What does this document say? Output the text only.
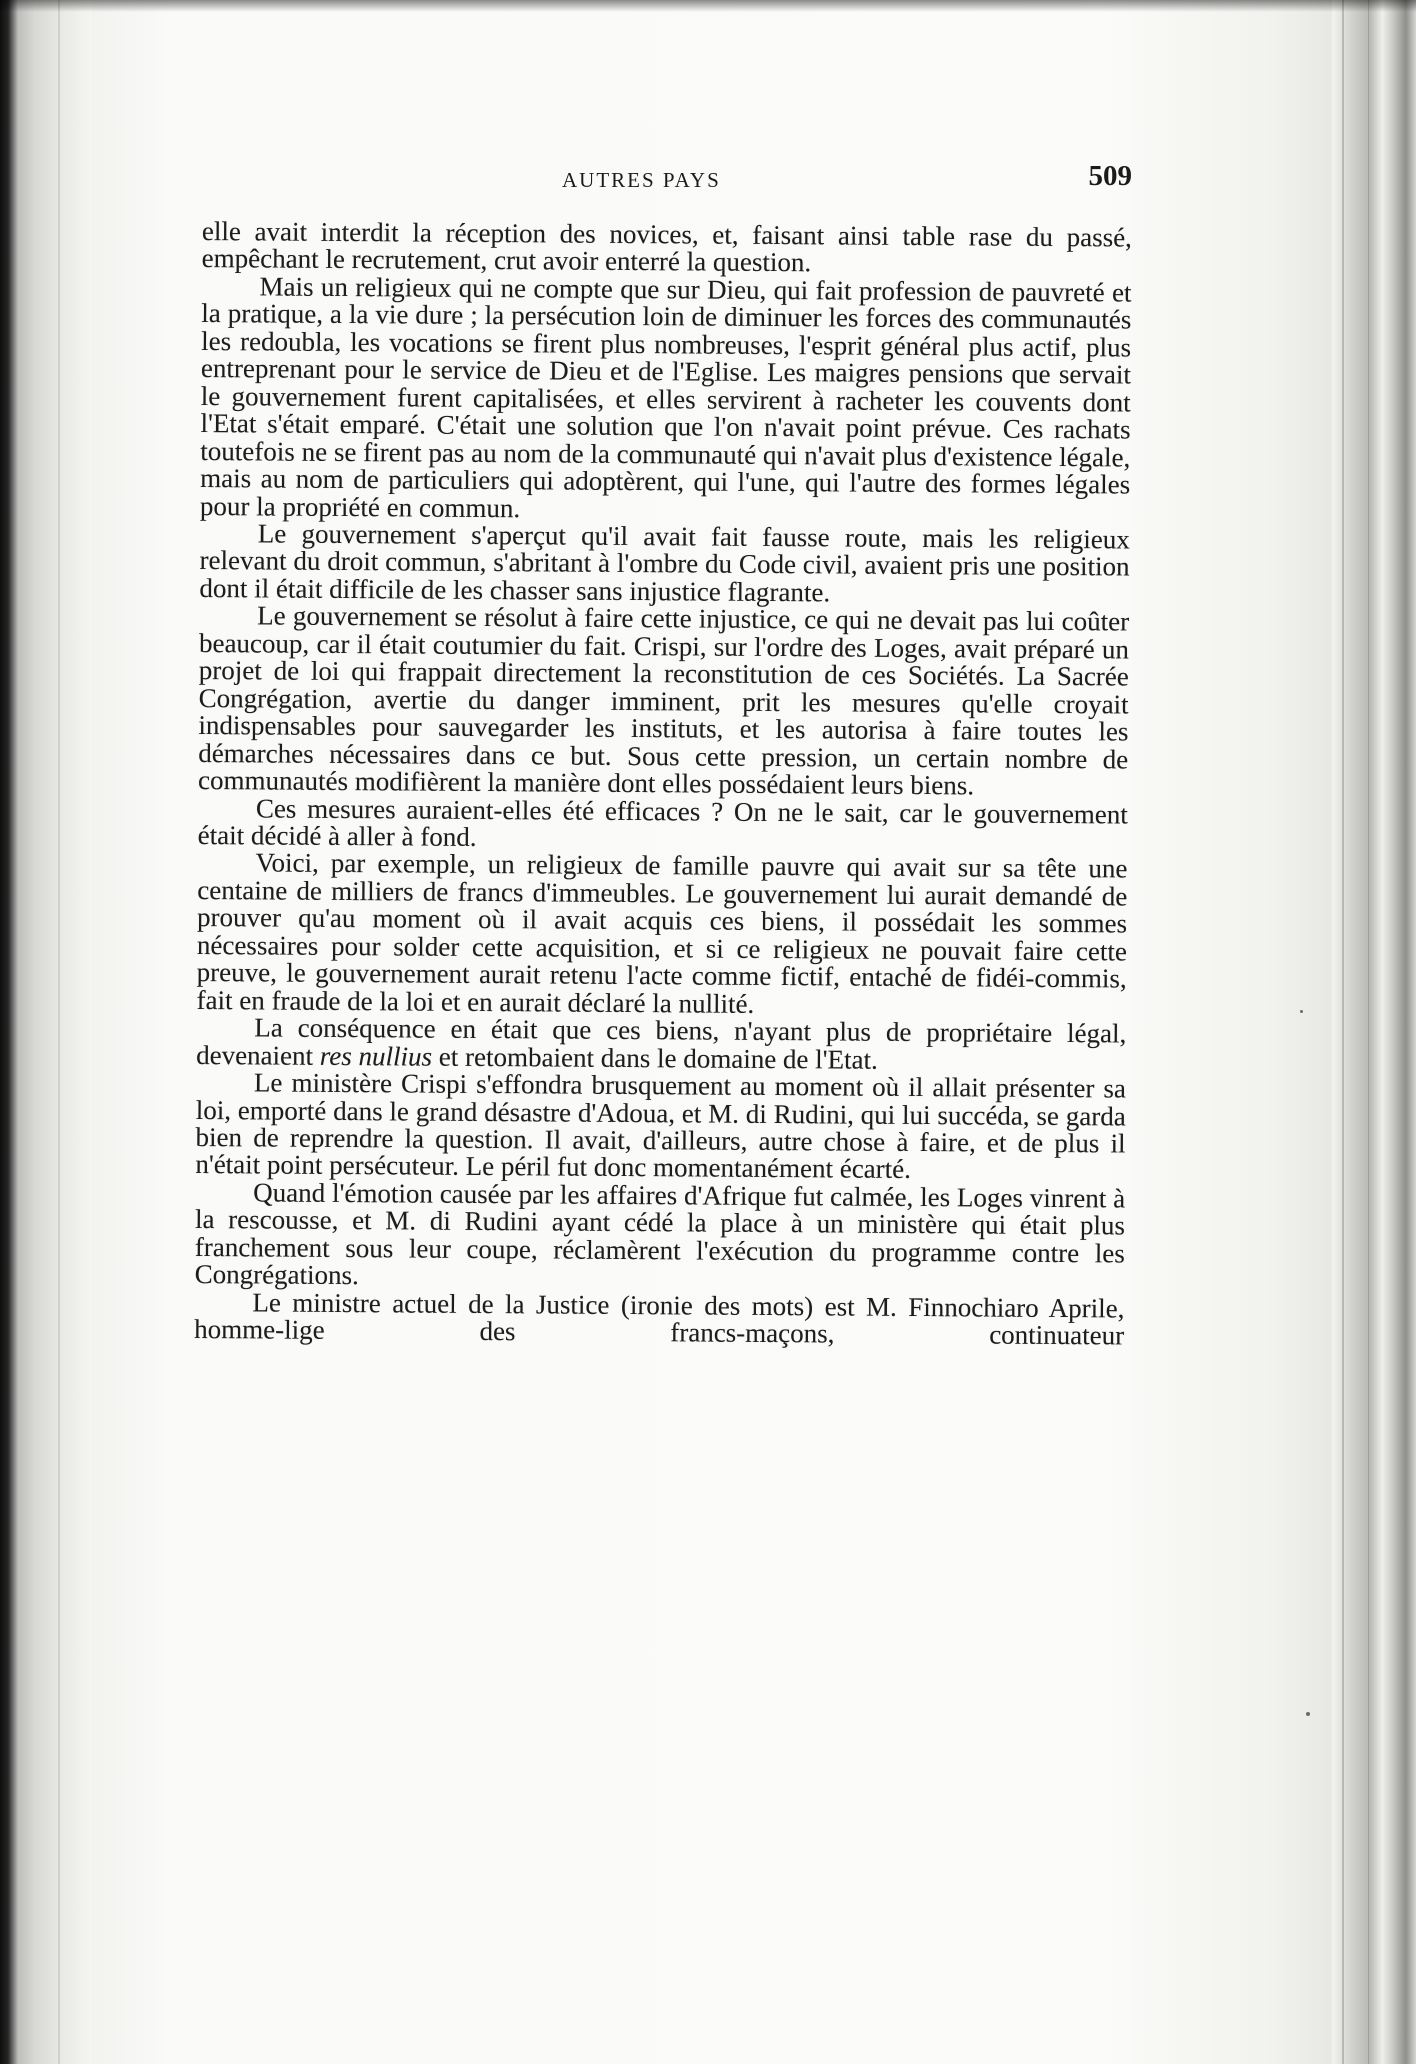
AUTRES PAYS	509

elle avait interdit la réception des novices, et, faisant ainsi table rase du passé, empêchant le recrutement, crut avoir enterré la question.

Mais un religieux qui ne compte que sur Dieu, qui fait profession de pauvreté et la pratique, a la vie dure ; la persécution loin de diminuer les forces des communautés les redoubla, les vocations se firent plus nombreuses, l'esprit général plus actif, plus entreprenant pour le service de Dieu et de l'Eglise. Les maigres pensions que servait le gouvernement furent capitalisées, et elles servirent à racheter les couvents dont l'Etat s'était emparé. C'était une solution que l'on n'avait point prévue. Ces rachats toutefois ne se firent pas au nom de la communauté qui n'avait plus d'existence légale, mais au nom de particuliers qui adoptèrent, qui l'une, qui l'autre des formes légales pour la propriété en commun.

Le gouvernement s'aperçut qu'il avait fait fausse route, mais les religieux relevant du droit commun, s'abritant à l'ombre du Code civil, avaient pris une position dont il était difficile de les chasser sans injustice flagrante.

Le gouvernement se résolut à faire cette injustice, ce qui ne devait pas lui coûter beaucoup, car il était coutumier du fait. Crispi, sur l'ordre des Loges, avait préparé un projet de loi qui frappait directement la reconstitution de ces Sociétés. La Sacrée Congrégation, avertie du danger imminent, prit les mesures qu'elle croyait indispensables pour sauvegarder les instituts, et les autorisa à faire toutes les démarches nécessaires dans ce but. Sous cette pression, un certain nombre de communautés modifièrent la manière dont elles possédaient leurs biens.

Ces mesures auraient-elles été efficaces ? On ne le sait, car le gouvernement était décidé à aller à fond.

Voici, par exemple, un religieux de famille pauvre qui avait sur sa tête une centaine de milliers de francs d'immeubles. Le gouvernement lui aurait demandé de prouver qu'au moment où il avait acquis ces biens, il possédait les sommes nécessaires pour solder cette acquisition, et si ce religieux ne pouvait faire cette preuve, le gouvernement aurait retenu l'acte comme fictif, entaché de fidéi-commis, fait en fraude de la loi et en aurait déclaré la nullité.

La conséquence en était que ces biens, n'ayant plus de propriétaire légal, devenaient res nullius et retombaient dans le domaine de l'Etat.

Le ministère Crispi s'effondra brusquement au moment où il allait présenter sa loi, emporté dans le grand désastre d'Adoua, et M. di Rudini, qui lui succéda, se garda bien de reprendre la question. Il avait, d'ailleurs, autre chose à faire, et de plus il n'était point persécuteur. Le péril fut donc momentanément écarté.

Quand l'émotion causée par les affaires d'Afrique fut calmée, les Loges vinrent à la rescousse, et M. di Rudini ayant cédé la place à un ministère qui était plus franchement sous leur coupe, réclamèrent l'exécution du programme contre les Congrégations.

Le ministre actuel de la Justice (ironie des mots) est M. Finnochiaro Aprile, homme-lige des francs-maçons, continuateur
